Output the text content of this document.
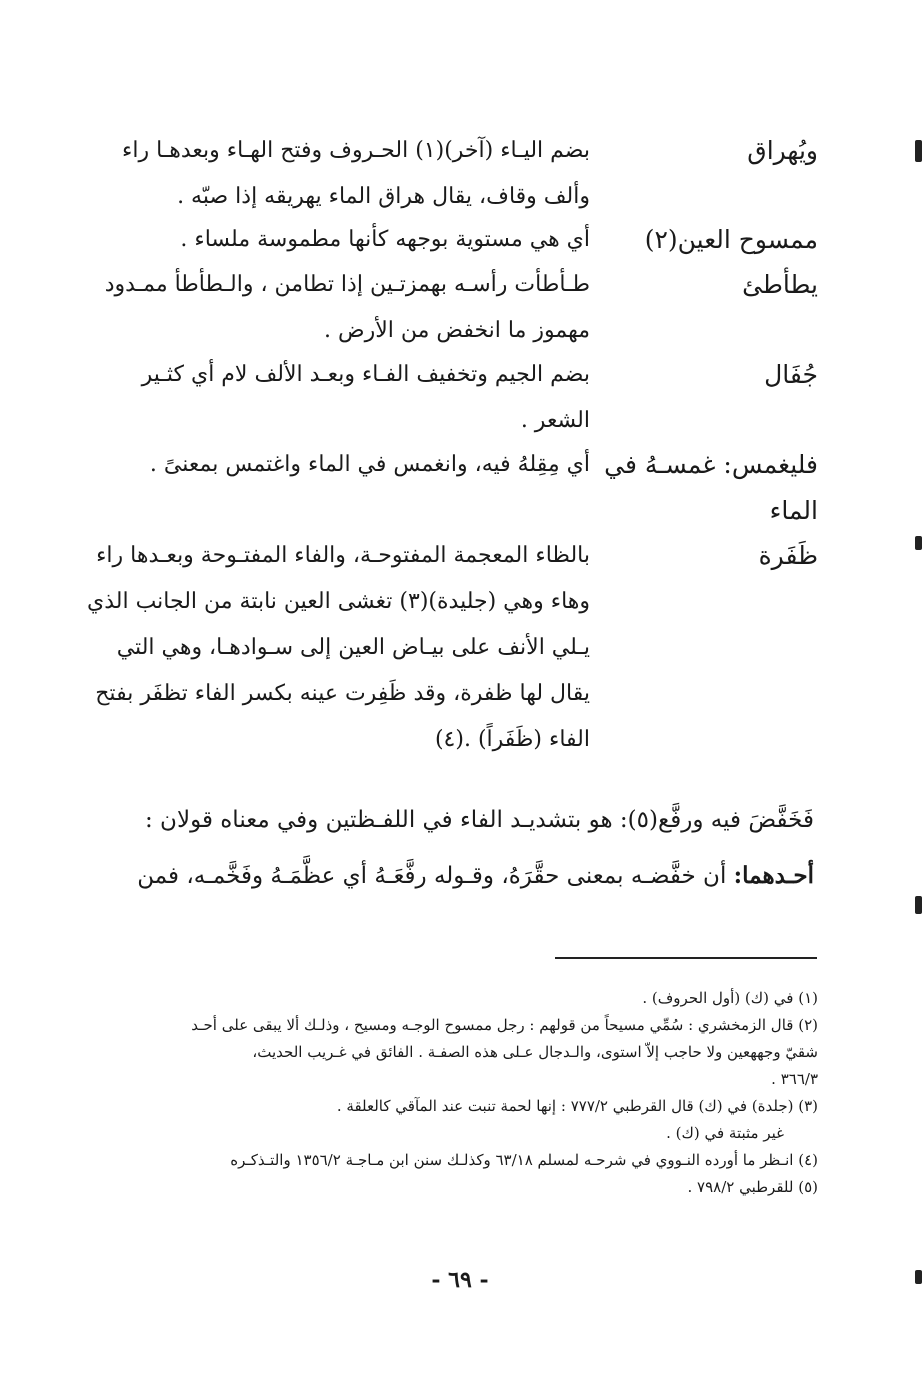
ويُهراق
بضم اليـاء (آخر)(١) الحـروف وفتح الهـاء وبعدهـا راء
وألف وقاف، يقال هراق الماء يهريقه إذا صبّه .
ممسوح العين(٢)
أي هي مستوية بوجهه كأنها مطموسة ملساء .
يطأطئ
طـأطأت رأسـه بهمزتـين إذا تطامن ، والـطأطأ ممـدود
مهموز ما انخفض من الأرض .
جُفَال
بضم الجيم وتخفيف الفـاء وبعـد الألف لام أي كثـير
الشعر .
فليغمس: غمسـهُ في
الماء
أي مِقِلهُ فيه، وانغمس في الماء واغتمس بمعنىً .
ظَفَرة
بالظاء المعجمة المفتوحـة، والفاء المفتـوحة وبعـدها راء
وهاء وهي (جليدة)(٣) تغشى العين نابتة من الجانب الذي
يـلي الأنف على بيـاض العين إلى سـوادهـا، وهي التي
يقال لها ظفرة، وقد ظَفِرت عينه بكسر الفاء تظفَر بفتح
الفاء (ظَفَراً) .(٤)
فَخَفَّضَ فيه ورفَّع(٥): هو بتشديـد الفاء في اللفـظتين وفي معناه قولان :
أحـدهما: أن خفَّضـه بمعنى حقَّرَهُ، وقـوله رفَّعَـهُ أي عظَّمَـهُ وفَخَّمـه، فمن
(١) في (ك) (أول الحروف) .
(٢) قال الزمخشري : سُمِّي مسيحاً من قولهم : رجل ممسوح الوجـه ومسيح ، وذلـك ألا يبقى على أحـد
شقيّ وجههعين ولا حاجب إلاّ استوى، والـدجال عـلى هذه الصفـة . الفائق في غـريب الحديث،
٣٦٦/٣ .
(٣) (جلدة) في (ك) قال القرطبي ٧٧٧/٢ : إنها لحمة تنبت عند المآقي كالعلقة .
غير مثبتة في (ك) .
(٤) انـظر ما أورده النـووي في شرحـه لمسلم ٦٣/١٨ وكذلـك سنن ابن مـاجـة ١٣٥٦/٢ والتـذكـره
(٥) للقرطبي ٧٩٨/٢ .
- ٦٩ -
